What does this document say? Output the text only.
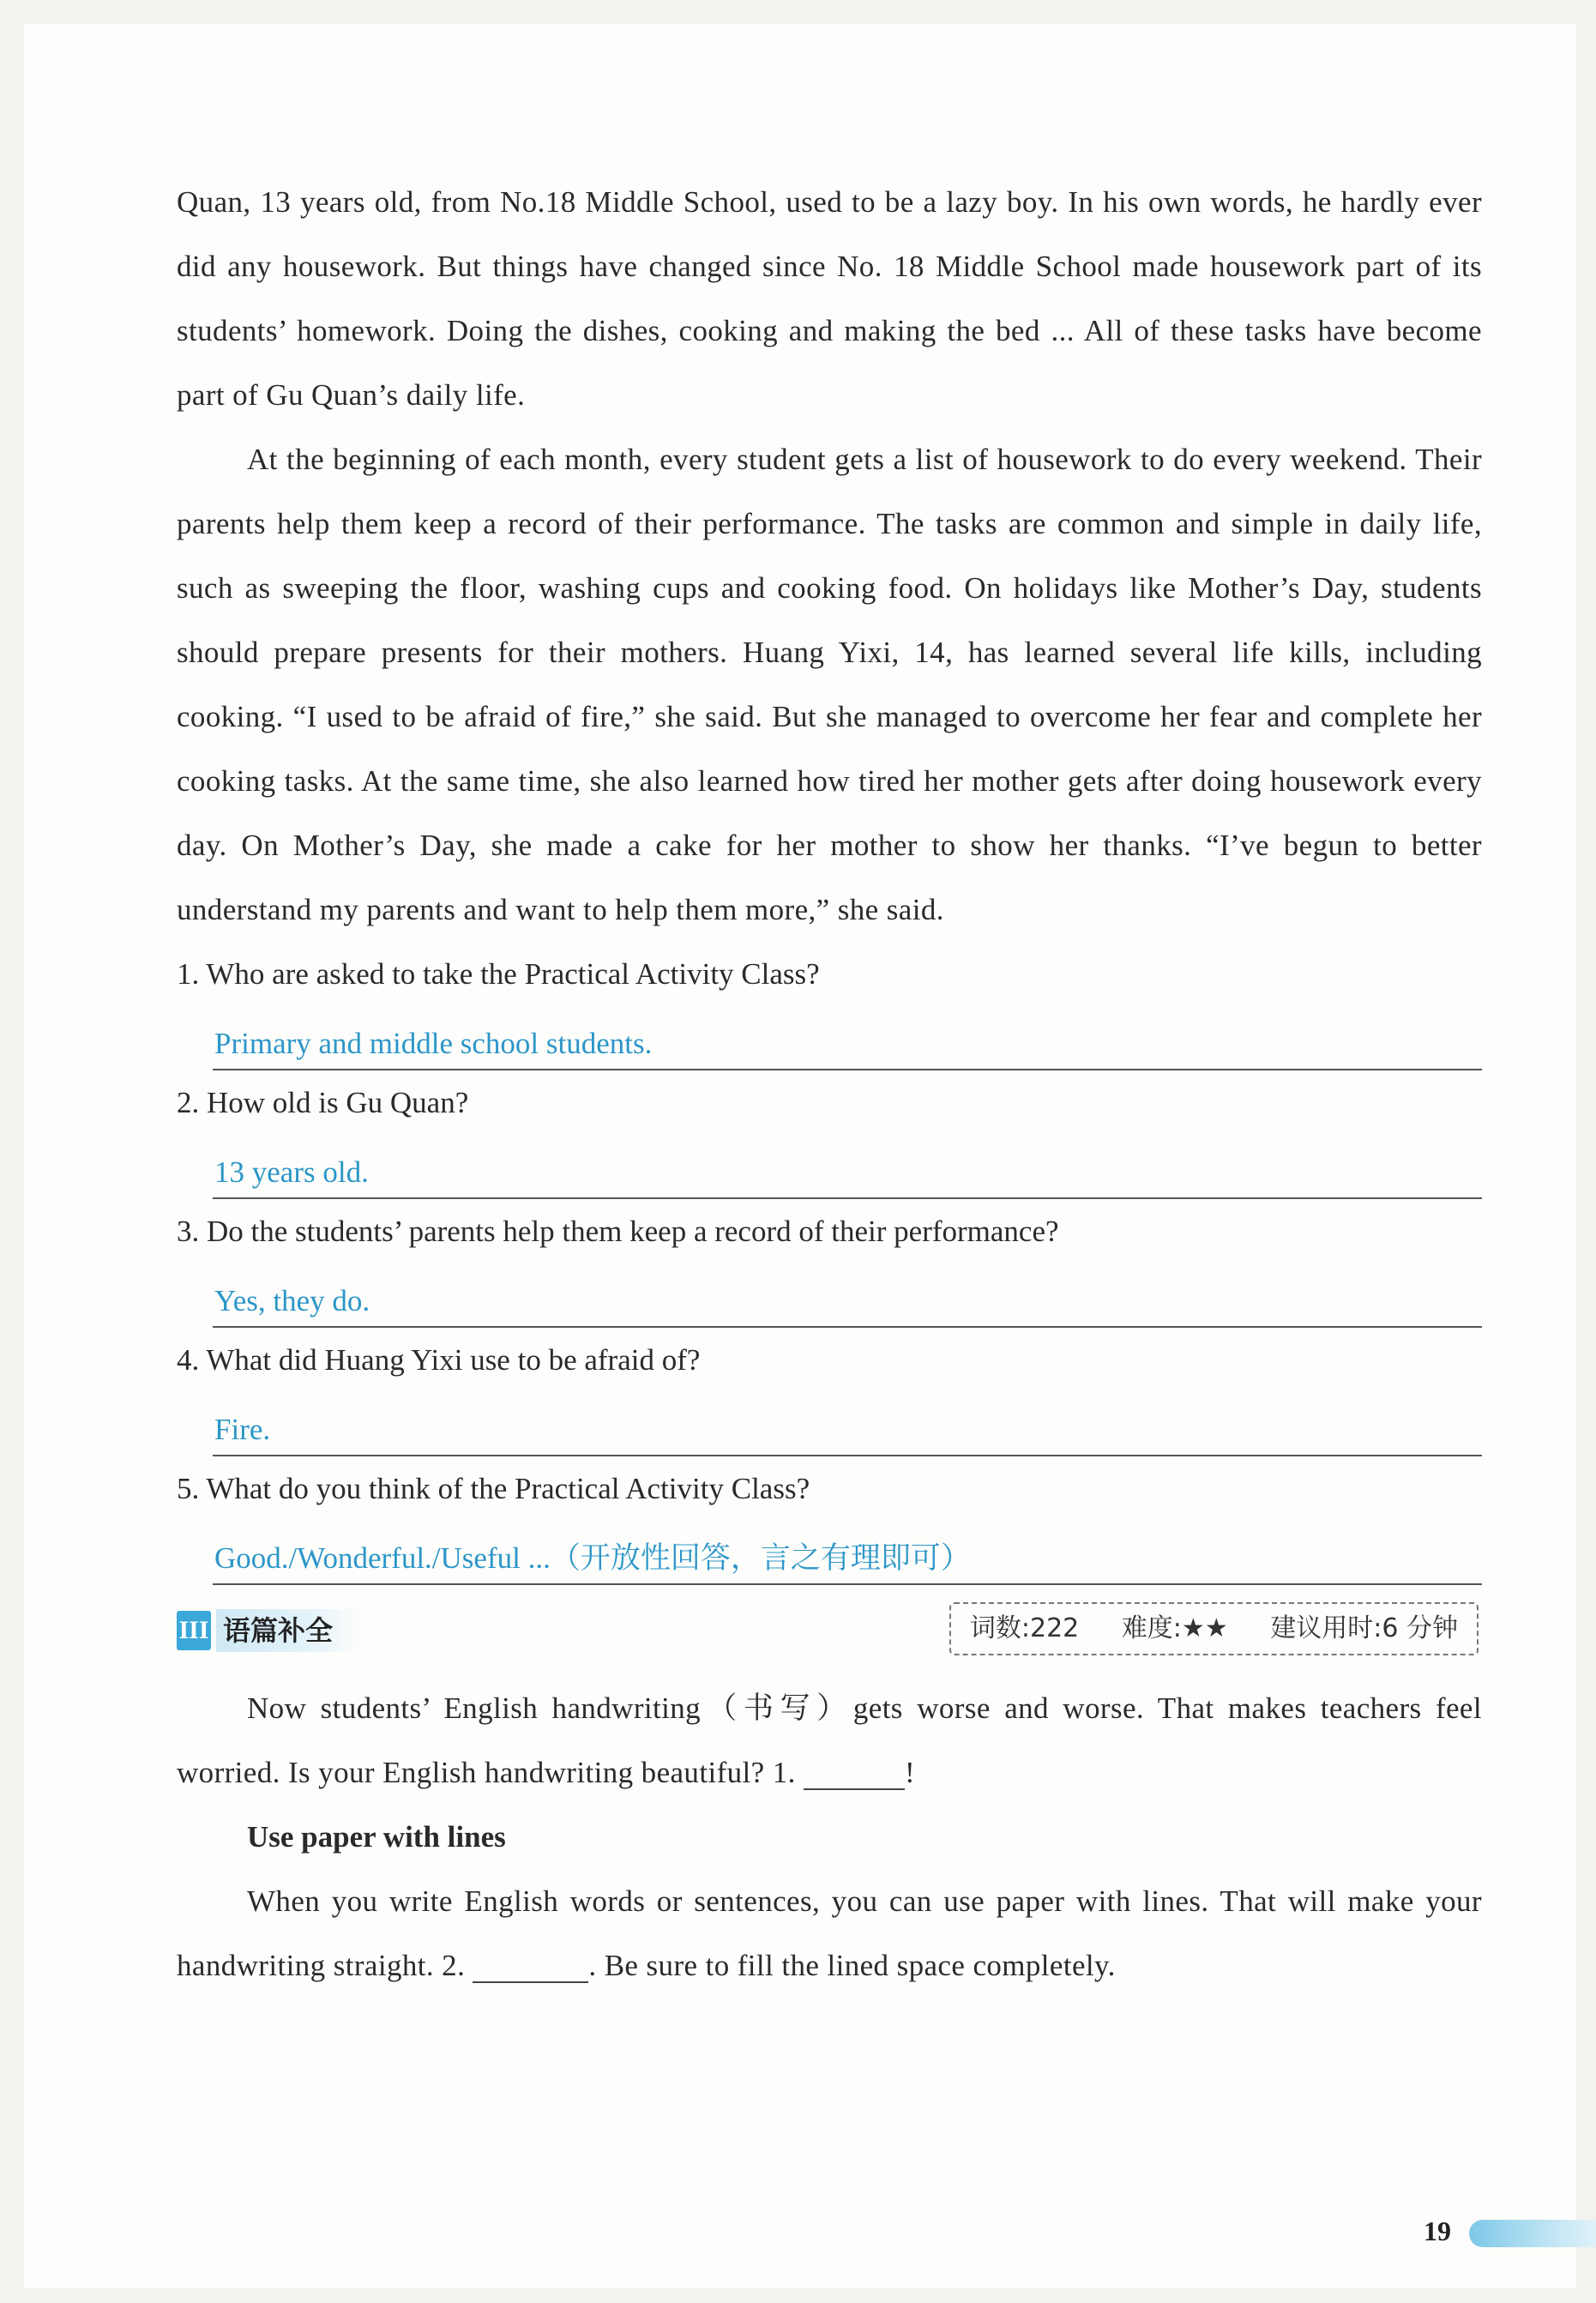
Quan, 13 years old, from No.18 Middle School, used to be a lazy boy. In his own words, he hardly ever did any housework. But things have changed since No. 18 Middle School made housework part of its students’ homework. Doing the dishes, cooking and making the bed ... All of these tasks have become part of Gu Quan’s daily life.

At the beginning of each month, every student gets a list of housework to do every weekend. Their parents help them keep a record of their performance. The tasks are common and simple in daily life, such as sweeping the floor, washing cups and cooking food. On holidays like Mother’s Day, students should prepare presents for their mothers. Huang Yixi, 14, has learned several life kills, including cooking. “I used to be afraid of fire,” she said. But she managed to overcome her fear and complete her cooking tasks. At the same time, she also learned how tired her mother gets after doing housework every day. On Mother’s Day, she made a cake for her mother to show her thanks. “I’ve begun to better understand my parents and want to help them more,” she said.

1. Who are asked to take the Practical Activity Class?

Primary and middle school students.

2. How old is Gu Quan?

13 years old.

3. Do the students’ parents help them keep a record of their performance?

Yes, they do.

4. What did Huang Yixi use to be afraid of?

Fire.

5. What do you think of the Practical Activity Class?

Good./Wonderful./Useful ...（开放性回答，言之有理即可）
III 语篇补全	词数:222 难度:★★ 建议用时:6 分钟

Now students’ English handwriting（书写）gets worse and worse. That makes teachers feel worried. Is your English handwriting beautiful? 1.	!

Use paper with lines

When you write English words or sentences, you can use paper with lines. That will make your handwriting straight. 2.	. Be sure to fill the lined space completely.

19
